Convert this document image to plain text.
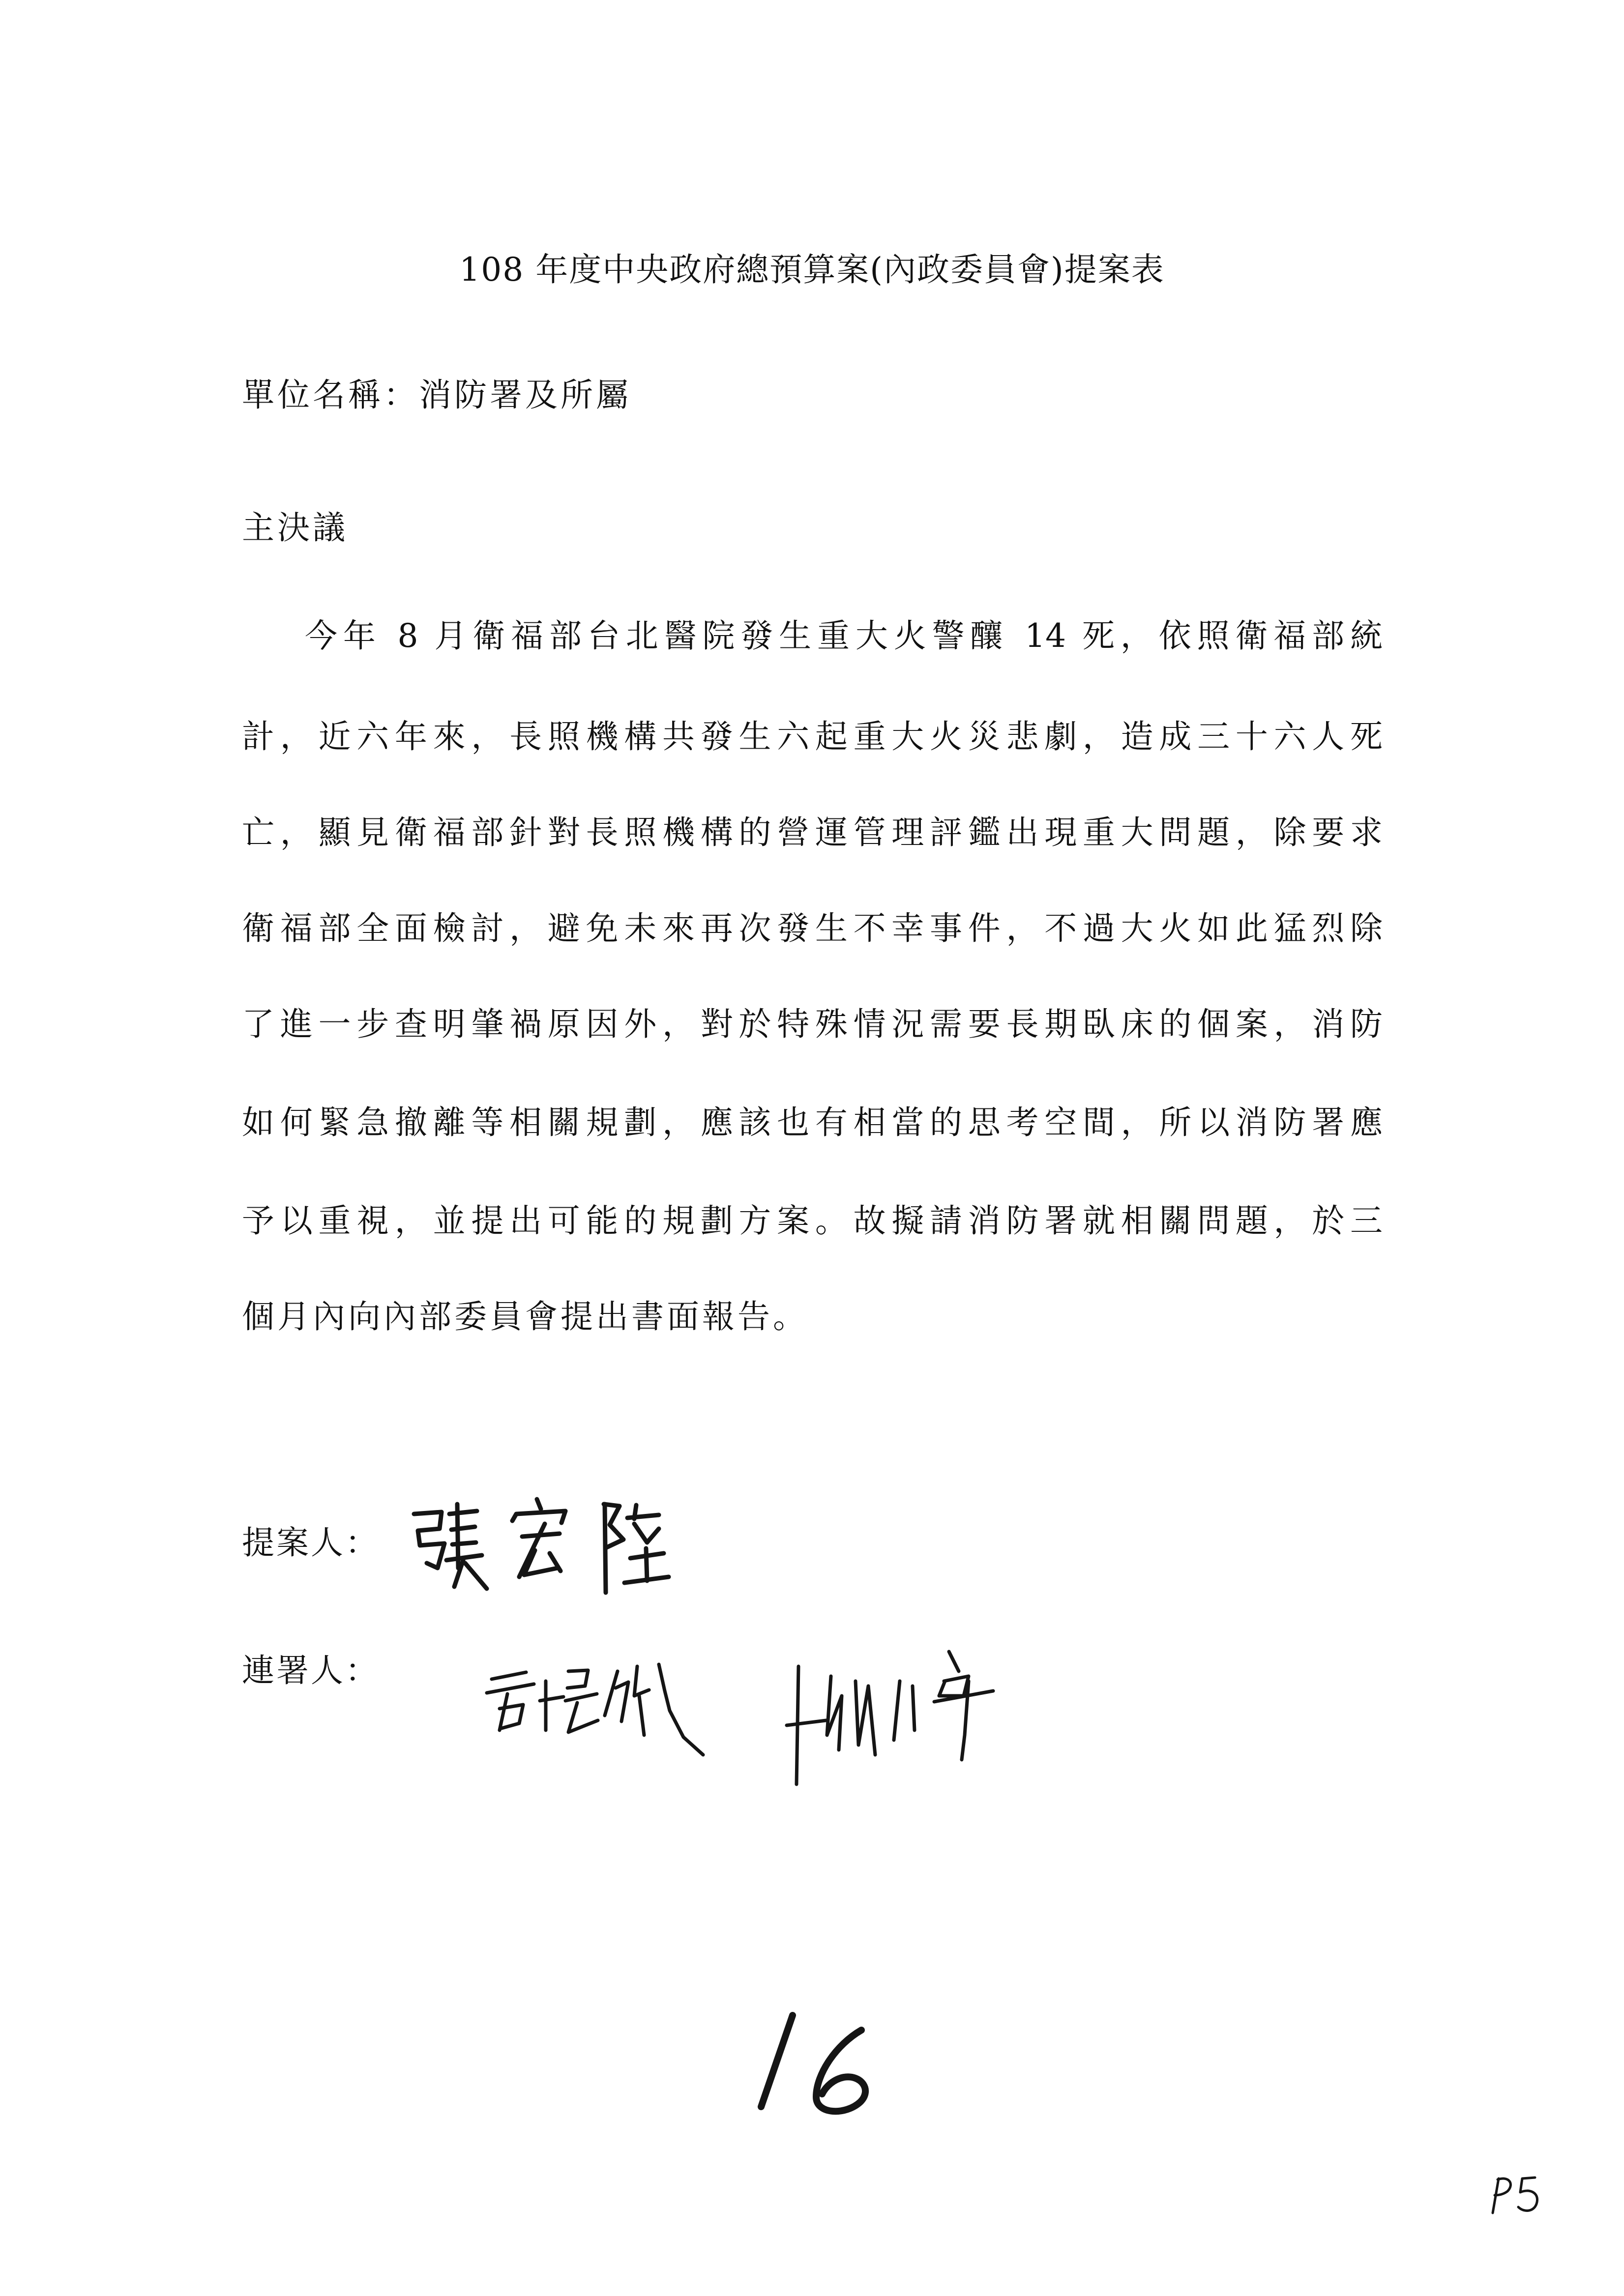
108 年度中央政府總預算案(內政委員會)提案表
單位名稱：消防署及所屬
主決議
今年 8 月衛福部台北醫院發生重大火警釀 14 死，依照衛福部統
計，近六年來，長照機構共發生六起重大火災悲劇，造成三十六人死
亡，顯見衛福部針對長照機構的營運管理評鑑出現重大問題，除要求
衛福部全面檢討，避免未來再次發生不幸事件，不過大火如此猛烈除
了進一步查明肇禍原因外，對於特殊情況需要長期臥床的個案，消防
如何緊急撤離等相關規劃，應該也有相當的思考空間，所以消防署應
予以重視，並提出可能的規劃方案。故擬請消防署就相關問題，於三
個月內向內部委員會提出書面報告。
提案人：
連署人：
